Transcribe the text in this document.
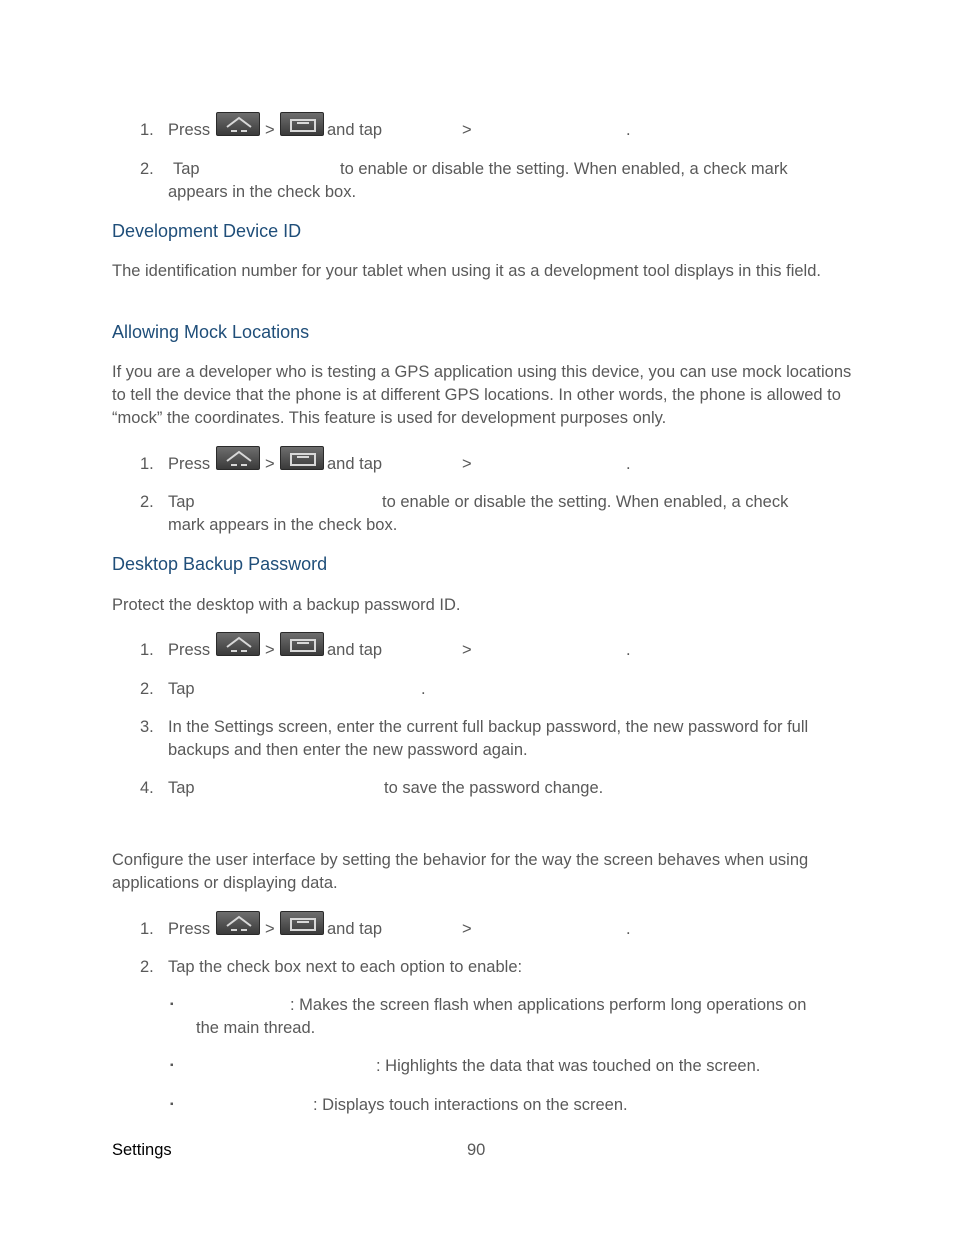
1. Press	>	and tap	>	.
2. Tap	to enable or disable the setting. When enabled, a check mark
appears in the check box.
Development Device ID
The identification number for your tablet when using it as a development tool displays in this field.
Allowing Mock Locations
If you are a developer who is testing a GPS application using this device, you can use mock locations to tell the device that the phone is at different GPS locations. In other words, the phone is allowed to “mock” the coordinates. This feature is used for development purposes only.
1. Press	>	and tap	>	.
2. Tap	to enable or disable the setting. When enabled, a check
mark appears in the check box.
Desktop Backup Password
Protect the desktop with a backup password ID.
1. Press	>	and tap	>	.
2. Tap	.
3. In the Settings screen, enter the current full backup password, the new password for full
backups and then enter the new password again.
4. Tap	to save the password change.
Configure the user interface by setting the behavior for the way the screen behaves when using applications or displaying data.
1. Press	>	and tap	>	.
2. Tap the check box next to each option to enable:
▪	: Makes the screen flash when applications perform long operations on
the main thread.
▪	: Highlights the data that was touched on the screen.
▪	: Displays touch interactions on the screen.
Settings	90
